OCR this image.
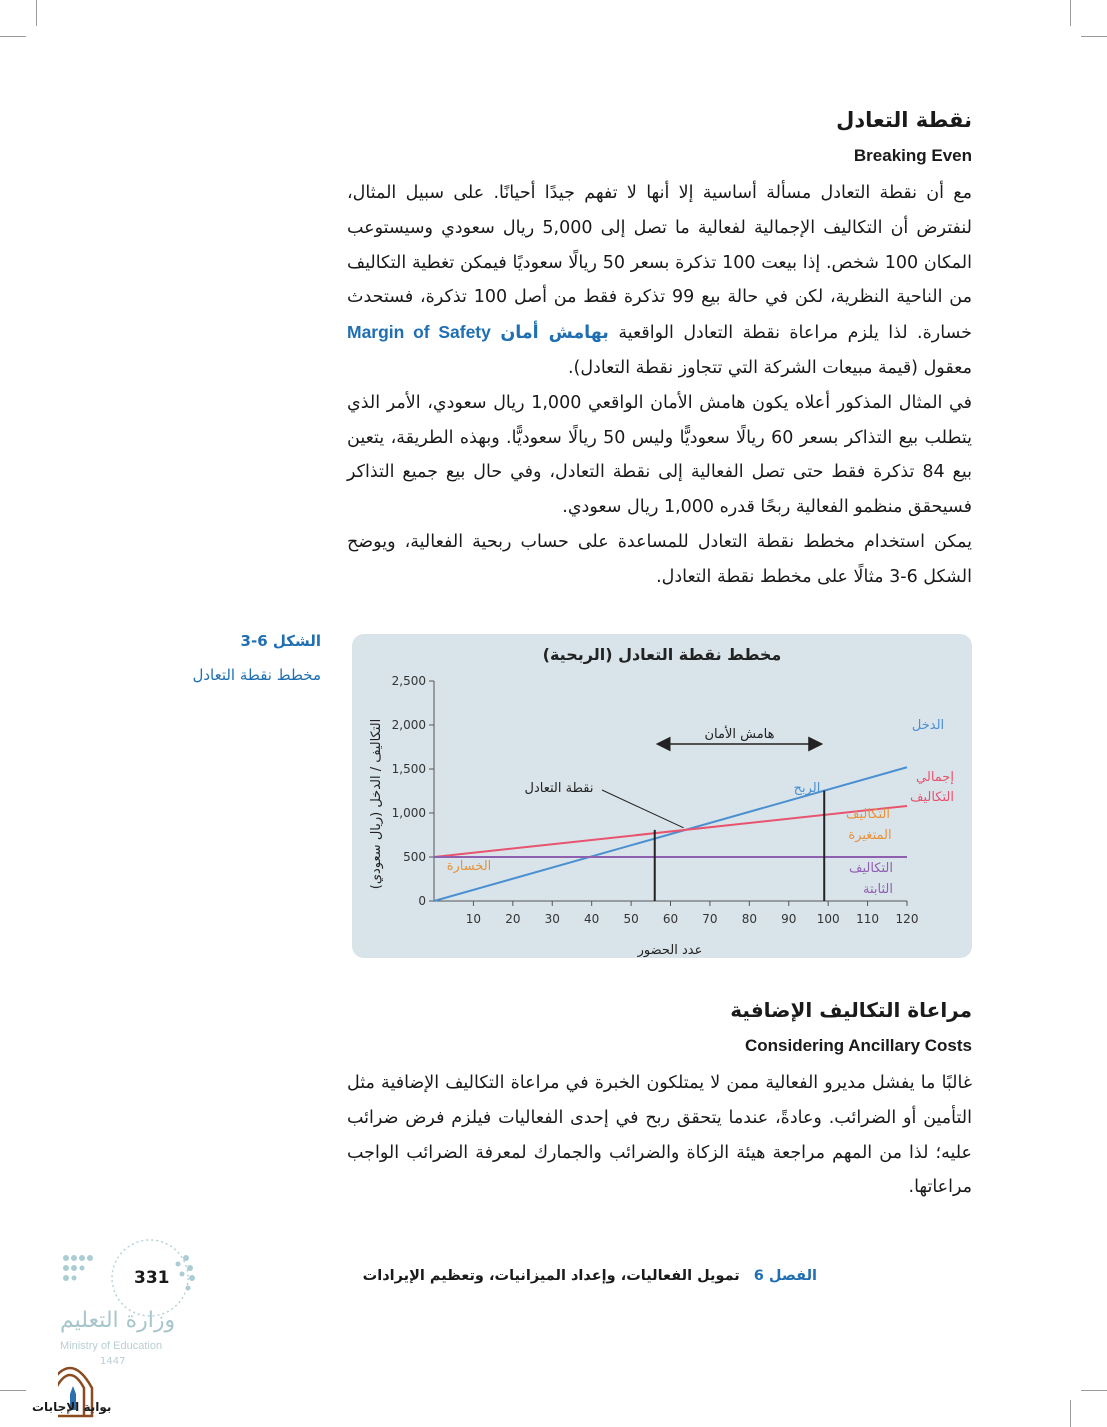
نقطة التعادل
Breaking Even

مع أن نقطة التعادل مسألة أساسية إلا أنها لا تفهم جيدًا أحيانًا. على سبيل المثال، لنفترض أن التكاليف الإجمالية لفعالية ما تصل إلى 5,000 ريال سعودي وسيستوعب المكان 100 شخص. إذا بيعت 100 تذكرة بسعر 50 ريالًا سعوديًا فيمكن تغطية التكاليف من الناحية النظرية، لكن في حالة بيع 99 تذكرة فقط من أصل 100 تذكرة، فستحدث خسارة. لذا يلزم مراعاة نقطة التعادل الواقعية بهامش أمان Margin of Safety معقول (قيمة مبيعات الشركة التي تتجاوز نقطة التعادل).

في المثال المذكور أعلاه يكون هامش الأمان الواقعي 1,000 ريال سعودي، الأمر الذي يتطلب بيع التذاكر بسعر 60 ريالًا سعوديًّا وليس 50 ريالًا سعوديًّا. وبهذه الطريقة، يتعين بيع 84 تذكرة فقط حتى تصل الفعالية إلى نقطة التعادل، وفي حال بيع جميع التذاكر فسيحقق منظمو الفعالية ربحًا قدره 1,000 ريال سعودي.

يمكن استخدام مخطط نقطة التعادل للمساعدة على حساب ربحية الفعالية، ويوضح الشكل 6-3 مثالًا على مخطط نقطة التعادل.

الشكل 6-3
مخطط نقطة التعادل
مخطط نقطة التعادل (الربحية)
عدد الحضور
التكاليف / الدخل (ريال سعودي)
0
500
1,000
1,500
2,000
2,500
10 20 30 40 50 60 70 80 90 100 110 120
هامش الأمان
نقطة التعادل	الربح
الخسارة
الدخل
إجمالي
التكاليف
التكاليف
المتغيرة
التكاليف
الثابتة
مراعاة التكاليف الإضافية
Considering Ancillary Costs
غالبًا ما يفشل مديرو الفعالية ممن لا يمتلكون الخبرة في مراعاة التكاليف الإضافية مثل التأمين أو الضرائب. وعادةً، عندما يتحقق ربح في إحدى الفعاليات فيلزم فرض ضرائب عليه؛ لذا من المهم مراجعة هيئة الزكاة والضرائب والجمارك لمعرفة الضرائب الواجب مراعاتها.
الفصل 6تمويل الفعاليات، وإعداد الميزانيات، وتعظيم الإيرادات
331
وزارة التعليم
Ministry of Education
1447
بوابة الإجابات
